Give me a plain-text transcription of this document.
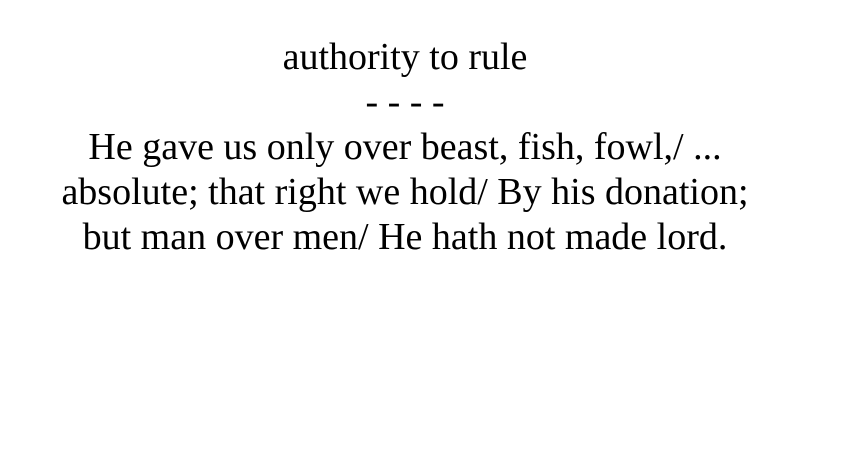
authority to rule
- - - -
He gave us only over beast, fish, fowl,/ ...
absolute; that right we hold/ By his donation;
but man over men/ He hath not made lord.
